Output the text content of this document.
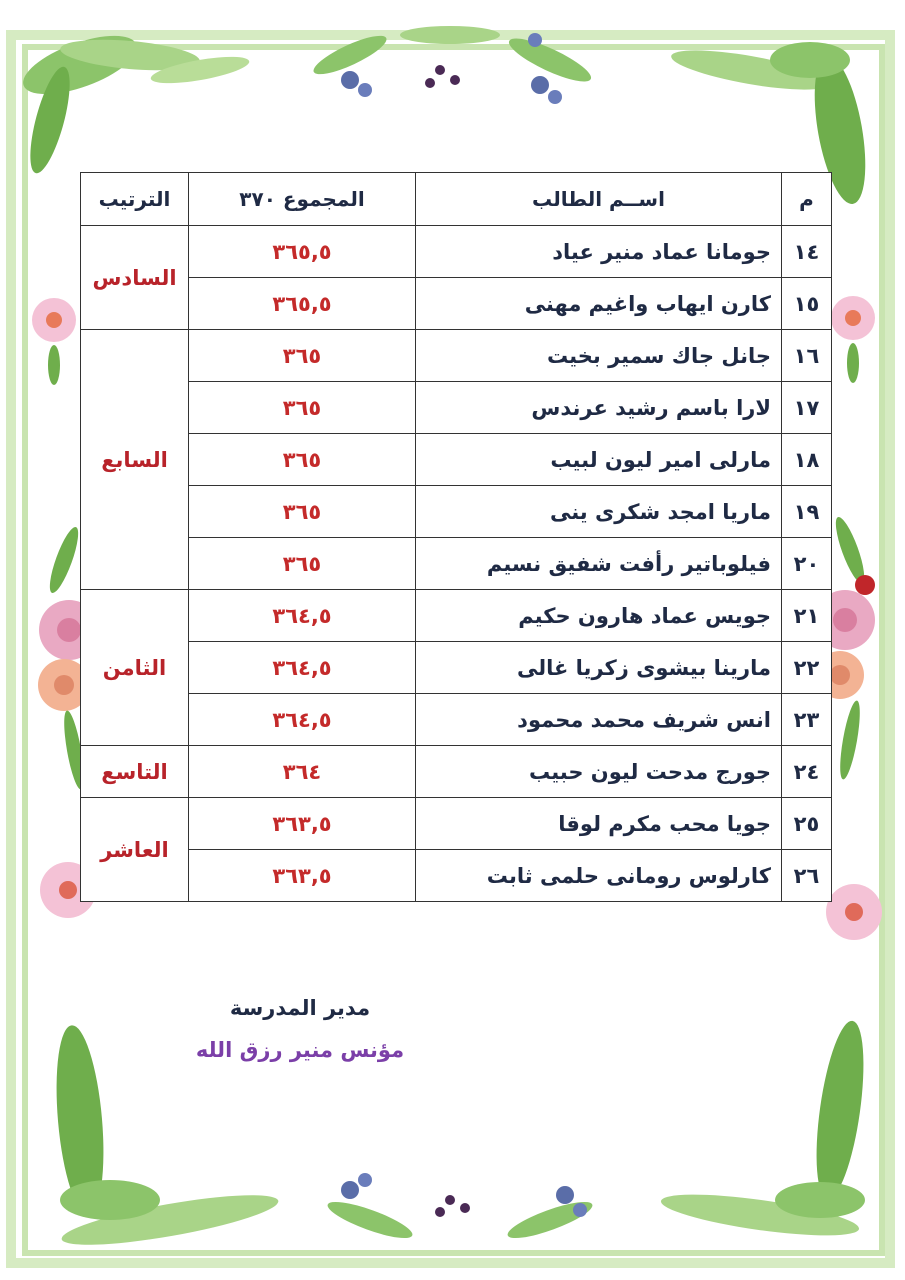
م	اســم الطالب	المجموع ٣٧٠	الترتيب
١٤	جومانا عماد منير عياد	٣٦٥,٥	السادس
١٥	كارن ايهاب واغيم مهنى	٣٦٥,٥	
١٦	جانل جاك سمير بخيت	٣٦٥	السابع
١٧	لارا باسم رشيد عرندس	٣٦٥	
١٨	مارلى امير ليون لبيب	٣٦٥	
١٩	ماريا امجد شكرى ينى	٣٦٥	
٢٠	فيلوباتير رأفت شفيق نسيم	٣٦٥	
٢١	جويس عماد هارون حكيم	٣٦٤,٥	الثامن
٢٢	مارينا بيشوى زكريا غالى	٣٦٤,٥	
٢٣	انس شريف محمد محمود	٣٦٤,٥	
٢٤	جورج مدحت ليون حبيب	٣٦٤	التاسع
٢٥	جويا محب مكرم لوقا	٣٦٣,٥	العاشر
٢٦	كارلوس رومانى حلمى ثابت	٣٦٣,٥	
مدير المدرسة
مؤنس منير رزق الله
